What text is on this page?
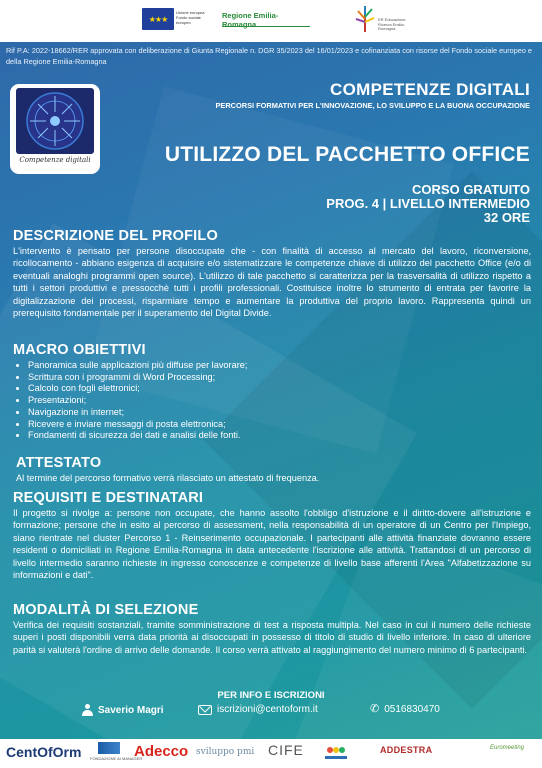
★★★
Unione europea Fondo sociale europeo
Regione Emilia-Romagna
ER Educazione Ricerca Emilia-Romagna
Rif P.A: 2022-18662/RER approvata con deliberazione di Giunta Regionale n. DGR 35/2023 del 16/01/2023 e cofinanziata con risorse del Fondo sociale europeo e della Regione Emilia-Romagna
Competenze digitali
COMPETENZE DIGITALI
PERCORSI FORMATIVI PER L'INNOVAZIONE, LO SVILUPPO E LA BUONA OCCUPAZIONE
UTILIZZO DEL PACCHETTO OFFICE
CORSO GRATUITO
PROG. 4 | LIVELLO INTERMEDIO
32 ORE
DESCRIZIONE DEL PROFILO
L'intervento è pensato per persone disoccupate che - con finalità di accesso al mercato del lavoro, riconversione, ricollocamento - abbiano esigenza di acquisire e/o sistematizzare le competenze chiave di utilizzo del pacchetto Office (e/o di eventuali analoghi programmi open source). L'utilizzo di tale pacchetto si caratterizza per la trasversalità di utilizzo rispetto a tutti i settori produttivi e pressocchè tutti i profili professionali. Costituisce inoltre lo strumento di entrata per favorire la digitalizzazione dei processi, risparmiare tempo e aumentare la produttiva del proprio lavoro. Rappresenta quindi un prerequisito fondamentale per il superamento del Digital Divide.
MACRO OBIETTIVI
• Panoramica sulle applicazioni più diffuse per lavorare;
• Scrittura con i programmi di Word Processing;
• Calcolo con fogli elettronici;
• Presentazioni;
• Navigazione in internet;
• Ricevere e inviare messaggi di posta elettronica;
• Fondamenti di sicurezza dei dati e analisi delle fonti.
ATTESTATO
Al termine del percorso formativo verrà rilasciato un attestato di frequenza.
REQUISITI E DESTINATARI
Il progetto si rivolge a: persone non occupate, che hanno assolto l'obbligo d'istruzione e il diritto-dovere all'istruzione e formazione; persone che in esito al percorso di assessment, nella responsabilità di un operatore di un Centro per l'Impiego, siano rientrate nel cluster Percorso 1 - Reinserimento occupazionale. I partecipanti alle attività finanziate dovranno essere residenti o domiciliati in Regione Emilia-Romagna in data antecedente l'iscrizione alle attività. Trattandosi di un percorso di livello intermedio saranno richieste in ingresso conoscenze e competenze di livello base afferenti l'Area "Alfabetizzazione su informazioni e dati".
MODALITÀ DI SELEZIONE
Verifica dei requisiti sostanziali, tramite somministrazione di test a risposta multipla. Nel caso in cui il numero delle richieste superi i posti disponibili verrà data priorità ai disoccupati in possesso di titolo di studio di livello inferiore. In caso di ulteriore parità si valuterà l'ordine di arrivo delle domande. Il corso verrà attivato al raggiungimento del numero minimo di 6 partecipanti.
PER INFO E ISCRIZIONI
Saverio Magri	iscrizioni@centoform.it	✆ 0516830470
CentOfOrm FONDAZIONE AI MANAGER
Adecco sviluppo pmi CIFE	ADDESTRA	Euromeeting
